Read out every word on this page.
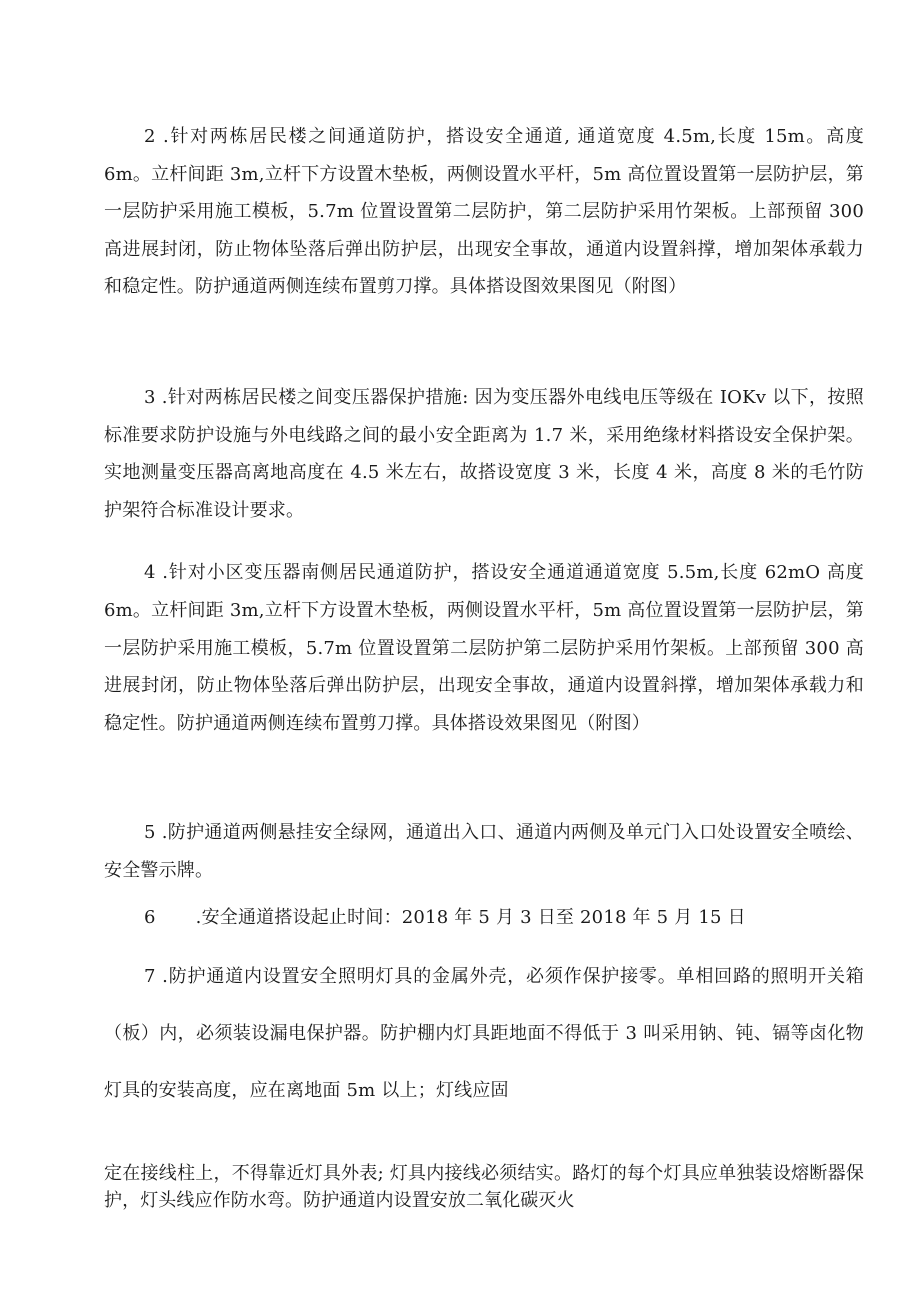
2 .针对两栋居民楼之间通道防护，搭设安全通道, 通道宽度 4.5m,长度 15m。高度 6m。立杆间距 3m,立杆下方设置木垫板，两侧设置水平杆，5m 高位置设置第一层防护层，第一层防护采用施工模板，5.7m 位置设置第二层防护，第二层防护采用竹架板。上部预留 300 高进展封闭，防止物体坠落后弹出防护层，出现安全事故，通道内设置斜撑，增加架体承载力和稳定性。防护通道两侧连续布置剪刀撑。具体搭设图效果图见（附图）

3 .针对两栋居民楼之间变压器保护措施: 因为变压器外电线电压等级在 IOKv 以下，按照标准要求防护设施与外电线路之间的最小安全距离为 1.7 米，采用绝缘材料搭设安全保护架。实地测量变压器高离地高度在 4.5 米左右，故搭设宽度 3 米，长度 4 米，高度 8 米的毛竹防护架符合标准设计要求。

4 .针对小区变压器南侧居民通道防护，搭设安全通道通道宽度 5.5m,长度 62mO 高度 6m。立杆间距 3m,立杆下方设置木垫板，两侧设置水平杆，5m 高位置设置第一层防护层，第一层防护采用施工模板，5.7m 位置设置第二层防护第二层防护采用竹架板。上部预留 300 高进展封闭，防止物体坠落后弹出防护层，出现安全事故，通道内设置斜撑，增加架体承载力和稳定性。防护通道两侧连续布置剪刀撑。具体搭设效果图见（附图）

5 .防护通道两侧悬挂安全绿网，通道出入口、通道内两侧及单元门入口处设置安全喷绘、安全警示牌。

6 .安全通道搭设起止时间：2018 年 5 月 3 日至 2018 年 5 月 15 日

7 .防护通道内设置安全照明灯具的金属外壳，必须作保护接零。单相回路的照明开关箱（板）内，必须装设漏电保护器。防护棚内灯具距地面不得低于 3 叫采用钠、钝、镉等卤化物灯具的安装高度，应在离地面 5m 以上；灯线应固

定在接线柱上，不得靠近灯具外表; 灯具内接线必须结实。路灯的每个灯具应单独装设熔断器保护，灯头线应作防水弯。防护通道内设置安放二氧化碳灭火
